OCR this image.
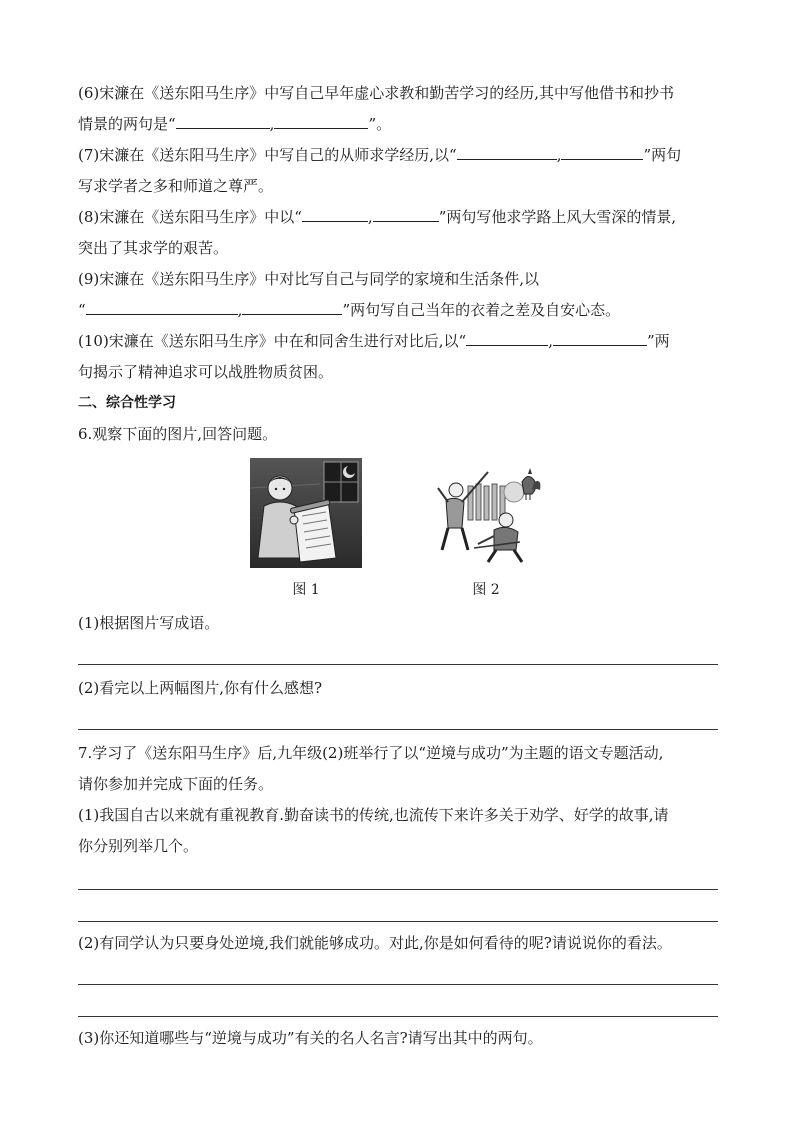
(6)宋濂在《送东阳马生序》中写自己早年虚心求教和勤苦学习的经历,其中写他借书和抄书
情景的两句是“	,	”。

(7)宋濂在《送东阳马生序》中写自己的从师求学经历,以“	,	”两句
写求学者之多和师道之尊严。

(8)宋濂在《送东阳马生序》中以“	,	”两句写他求学路上风大雪深的情景,
突出了其求学的艰苦。

(9)宋濂在《送东阳马生序》中对比写自己与同学的家境和生活条件,以
“	,	”两句写自己当年的衣着之差及自安心态。

(10)宋濂在《送东阳马生序》中在和同舍生进行对比后,以“	,	”两
句揭示了精神追求可以战胜物质贫困。

二、综合性学习

6.观察下面的图片,回答问题。

图 1	图 2

(1)根据图片写成语。

(2)看完以上两幅图片,你有什么感想?

7.学习了《送东阳马生序》后,九年级(2)班举行了以“逆境与成功”为主题的语文专题活动,
请你参加并完成下面的任务。

(1)我国自古以来就有重视教育.勤奋读书的传统,也流传下来许多关于劝学、好学的故事,请
你分别列举几个。

(2)有同学认为只要身处逆境,我们就能够成功。对此,你是如何看待的呢?请说说你的看法。

(3)你还知道哪些与“逆境与成功”有关的名人名言?请写出其中的两句。
